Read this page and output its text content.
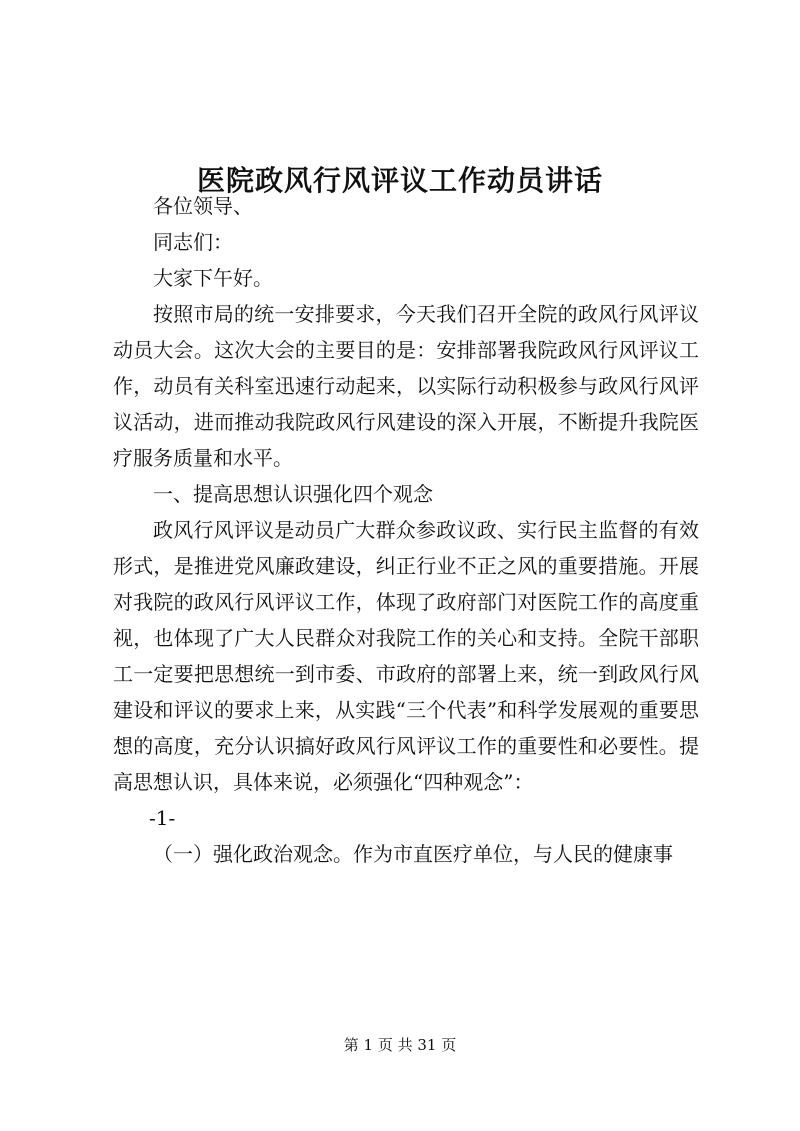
医院政风行风评议工作动员讲话

各位领导、

同志们：

大家下午好。

按照市局的统一安排要求，今天我们召开全院的政风行风评议动员大会。这次大会的主要目的是：安排部署我院政风行风评议工作，动员有关科室迅速行动起来，以实际行动积极参与政风行风评议活动，进而推动我院政风行风建设的深入开展，不断提升我院医疗服务质量和水平。

一、提高思想认识强化四个观念

政风行风评议是动员广大群众参政议政、实行民主监督的有效形式，是推进党风廉政建设，纠正行业不正之风的重要措施。开展对我院的政风行风评议工作，体现了政府部门对医院工作的高度重视，也体现了广大人民群众对我院工作的关心和支持。全院干部职工一定要把思想统一到市委、市政府的部署上来，统一到政风行风建设和评议的要求上来，从实践“三个代表”和科学发展观的重要思想的高度，充分认识搞好政风行风评议工作的重要性和必要性。提高思想认识，具体来说，必须强化“四种观念”：

-1-

（一）强化政治观念。作为市直医疗单位，与人民的健康事

第 1 页 共 31 页
